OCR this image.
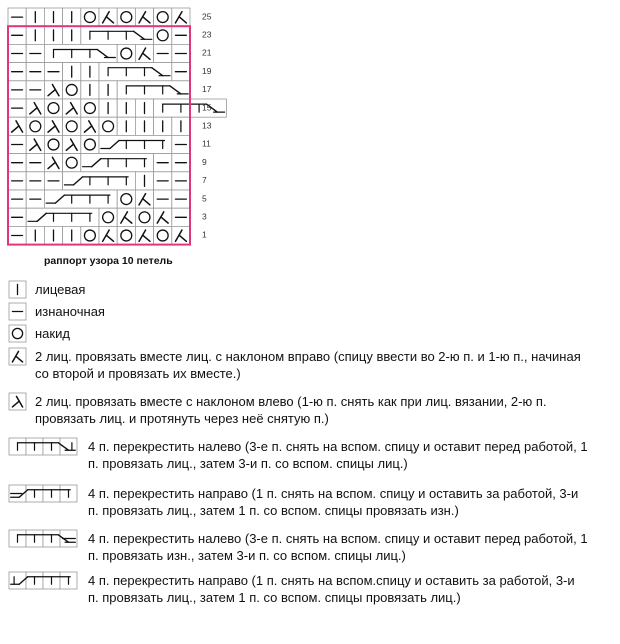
25
23
21
19
17
15
13
11
9
7
5
3
1
раппорт узора 10 петель
лицевая
изнаночная
накид
2 лиц. провязать вместе лиц. с наклоном вправо (спицу ввести во 2-ю п. и 1-ю п., начиная со второй и провязать их вместе.)
2 лиц. провязать вместе с наклоном влево (1-ю п. снять как при лиц. вязании, 2-ю п. провязать лиц. и протянуть через неё снятую п.)
4 п. перекрестить налево (3-е п. снять на вспом. спицу и оставит перед работой, 1 п. провязать лиц., затем 3-и п. со вспом. спицы лиц.)
4 п. перекрестить направо (1 п. снять на вспом. спицу и оставить за работой, 3-и п. провязать лиц., затем 1 п. со вспом. спицы провязать изн.)
4 п. перекрестить налево (3-е п. снять на вспом. спицу и оставит перед работой, 1 п. провязать изн., затем 3-и п. со вспом. спицы лиц.)
4 п. перекрестить направо (1 п. снять на вспом.спицу и оставить за работой, 3-и п. провязать лиц., затем 1 п. со вспом. спицы провязать лиц.)
